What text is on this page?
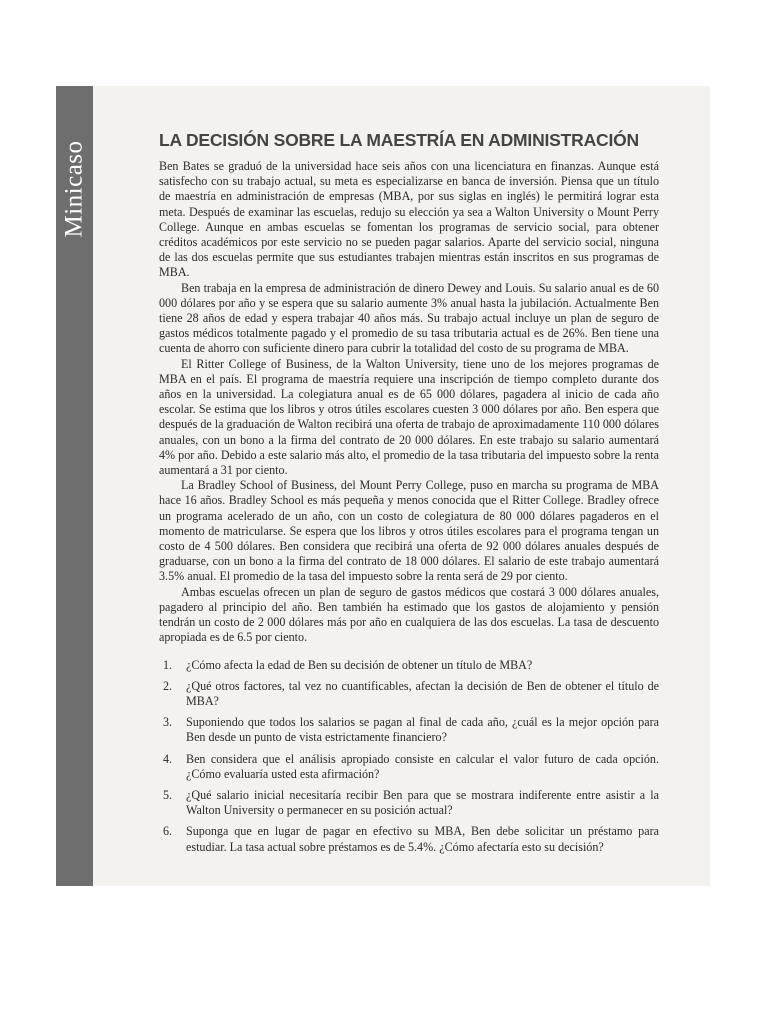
Minicaso
LA DECISIÓN SOBRE LA MAESTRÍA EN ADMINISTRACIÓN

Ben Bates se graduó de la universidad hace seis años con una licenciatura en finanzas. Aunque está satisfecho con su trabajo actual, su meta es especializarse en banca de inversión. Piensa que un título de maestría en administración de empresas (MBA, por sus siglas en inglés) le permitirá lograr esta meta. Después de examinar las escuelas, redujo su elección ya sea a Walton University o Mount Perry College. Aunque en ambas escuelas se fomentan los programas de servicio social, para obtener créditos académicos por este servicio no se pueden pagar salarios. Aparte del servicio social, ninguna de las dos escuelas permite que sus estudiantes trabajen mientras están inscritos en sus programas de MBA.

Ben trabaja en la empresa de administración de dinero Dewey and Louis. Su salario anual es de 60 000 dólares por año y se espera que su salario aumente 3% anual hasta la jubilación. Actualmente Ben tiene 28 años de edad y espera trabajar 40 años más. Su trabajo actual incluye un plan de seguro de gastos médicos totalmente pagado y el promedio de su tasa tributaria actual es de 26%. Ben tiene una cuenta de ahorro con suficiente dinero para cubrir la totalidad del costo de su programa de MBA.

El Ritter College of Business, de la Walton University, tiene uno de los mejores programas de MBA en el país. El programa de maestría requiere una inscripción de tiempo completo durante dos años en la universidad. La colegiatura anual es de 65 000 dólares, pagadera al inicio de cada año escolar. Se estima que los libros y otros útiles escolares cuesten 3 000 dólares por año. Ben espera que después de la graduación de Walton recibirá una oferta de trabajo de aproximadamente 110 000 dólares anuales, con un bono a la firma del contrato de 20 000 dólares. En este trabajo su salario aumentará 4% por año. Debido a este salario más alto, el promedio de la tasa tributaria del impuesto sobre la renta aumentará a 31 por ciento.

La Bradley School of Business, del Mount Perry College, puso en marcha su programa de MBA hace 16 años. Bradley School es más pequeña y menos conocida que el Ritter College. Bradley ofrece un programa acelerado de un año, con un costo de colegiatura de 80 000 dólares pagaderos en el momento de matricularse. Se espera que los libros y otros útiles escolares para el programa tengan un costo de 4 500 dólares. Ben considera que recibirá una oferta de 92 000 dólares anuales después de graduarse, con un bono a la firma del contrato de 18 000 dólares. El salario de este trabajo aumentará 3.5% anual. El promedio de la tasa del impuesto sobre la renta será de 29 por ciento.

Ambas escuelas ofrecen un plan de seguro de gastos médicos que costará 3 000 dólares anuales, pagadero al principio del año. Ben también ha estimado que los gastos de alojamiento y pensión tendrán un costo de 2 000 dólares más por año en cualquiera de las dos escuelas. La tasa de descuento apropiada es de 6.5 por ciento.

1.	¿Cómo afecta la edad de Ben su decisión de obtener un título de MBA?
2.	¿Qué otros factores, tal vez no cuantificables, afectan la decisión de Ben de obtener el título de MBA?
3.	Suponiendo que todos los salarios se pagan al final de cada año, ¿cuál es la mejor opción para Ben desde un punto de vista estrictamente financiero?
4.	Ben considera que el análisis apropiado consiste en calcular el valor futuro de cada opción. ¿Cómo evaluaría usted esta afirmación?
5.	¿Qué salario inicial necesitaría recibir Ben para que se mostrara indiferente entre asistir a la Walton University o permanecer en su posición actual?
6.	Suponga que en lugar de pagar en efectivo su MBA, Ben debe solicitar un préstamo para estudiar. La tasa actual sobre préstamos es de 5.4%. ¿Cómo afectaría esto su decisión?
